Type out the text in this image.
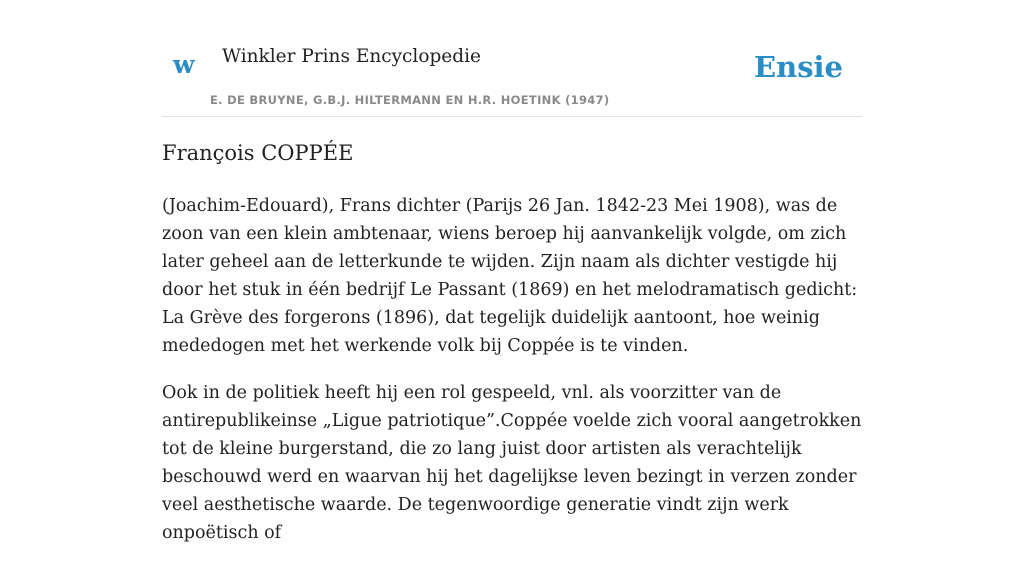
w Winkler Prins Encyclopedie
E. DE BRUYNE, G.B.J. HILTERMANN EN H.R. HOETINK (1947)
Ensie
François COPPÉE

(Joachim-Edouard), Frans dichter (Parijs 26 Jan. 1842-23 Mei 1908), was de zoon van een klein ambtenaar, wiens beroep hij aanvankelijk volgde, om zich later geheel aan de letterkunde te wijden. Zijn naam als dichter vestigde hij door het stuk in één bedrijf Le Passant (1869) en het melodramatisch gedicht: La Grève des forgerons (1896), dat tegelijk duidelijk aantoont, hoe weinig mededogen met het werkende volk bij Coppée is te vinden.

Ook in de politiek heeft hij een rol gespeeld, vnl. als voorzitter van de antirepublikeinse „Ligue patriotique”.Coppée voelde zich vooral aangetrokken tot de kleine burgerstand, die zo lang juist door artisten als verachtelijk beschouwd werd en waarvan hij het dagelijkse leven bezingt in verzen zonder veel aesthetische waarde. De tegenwoordige generatie vindt zijn werk onpoëtisch of
